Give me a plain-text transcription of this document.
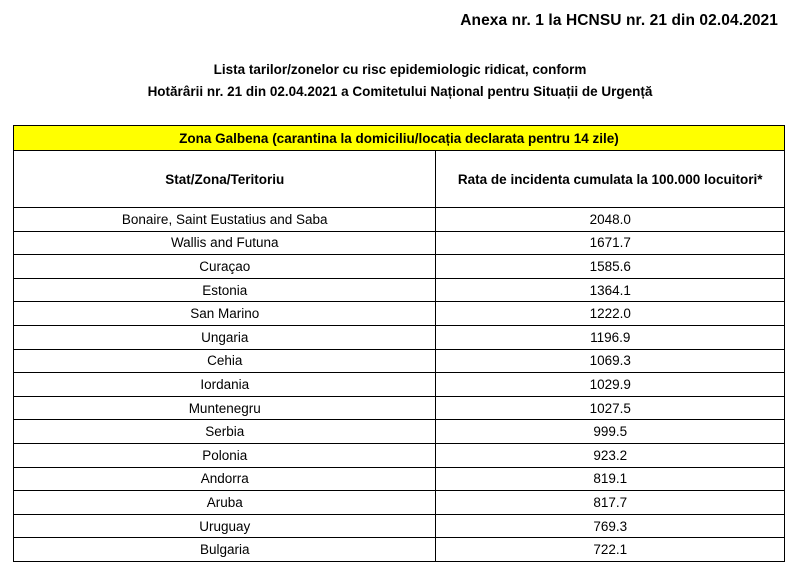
Anexa nr. 1 la HCNSU nr. 21 din 02.04.2021
Lista tarilor/zonelor cu risc epidemiologic ridicat, conform
Hotărârii nr. 21 din 02.04.2021 a Comitetului Național pentru Situații de Urgență
Zona Galbena (carantina la domiciliu/locația declarata pentru 14 zile)	
Stat/Zona/Teritoriu	Rata de incidenta cumulata la 100.000 locuitori*
Bonaire, Saint Eustatius and Saba	2048.0
Wallis and Futuna	1671.7
Curaçao	1585.6
Estonia	1364.1
San Marino	1222.0
Ungaria	1196.9
Cehia	1069.3
Iordania	1029.9
Muntenegru	1027.5
Serbia	999.5
Polonia	923.2
Andorra	819.1
Aruba	817.7
Uruguay	769.3
Bulgaria	722.1
